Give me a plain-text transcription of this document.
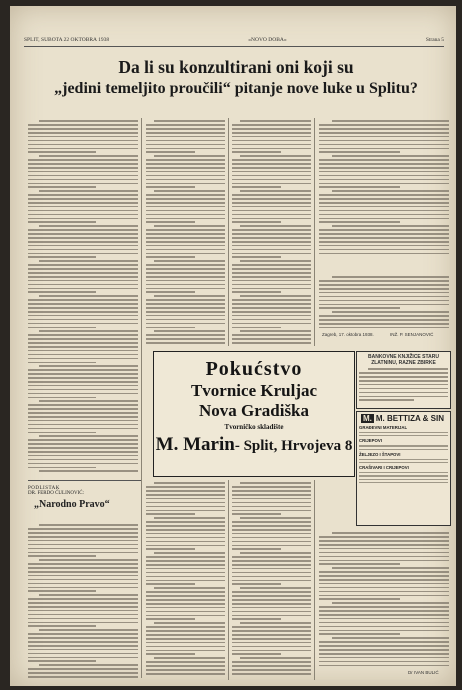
SPLIT, SUBOTA 22 OKTOBRA 1938	»NOVO DOBA«	Strana 5
Da li su konzultirani oni koji su
„jedini temeljito proučili“ pitanje nove luke u Splitu?
Zagreb, 17. oktobra 1938.	INŽ. P. SENJANOVIĆ
Pokućstvo
Tvornice Kruljac
Nova Gradiška
Tvorničko skladište
M. Marin- Split, Hrvojeva 8
BANKOVNE KNJIŽICE STARU ZLATNINU, RAZNE ZBIRKE
M. M. BETTIZA & SIN
GRAĐEVNI MATERIJAL
CRIJEPOVI
ŽELJEZO I ŠTAPOVI
CRAŠIVARI I CRIJEPOVI
PODLISTAK
DR. FERDO ĆULINOVIĆ:
„Narodno Pravo“
Dr IVAN BULIĆ
